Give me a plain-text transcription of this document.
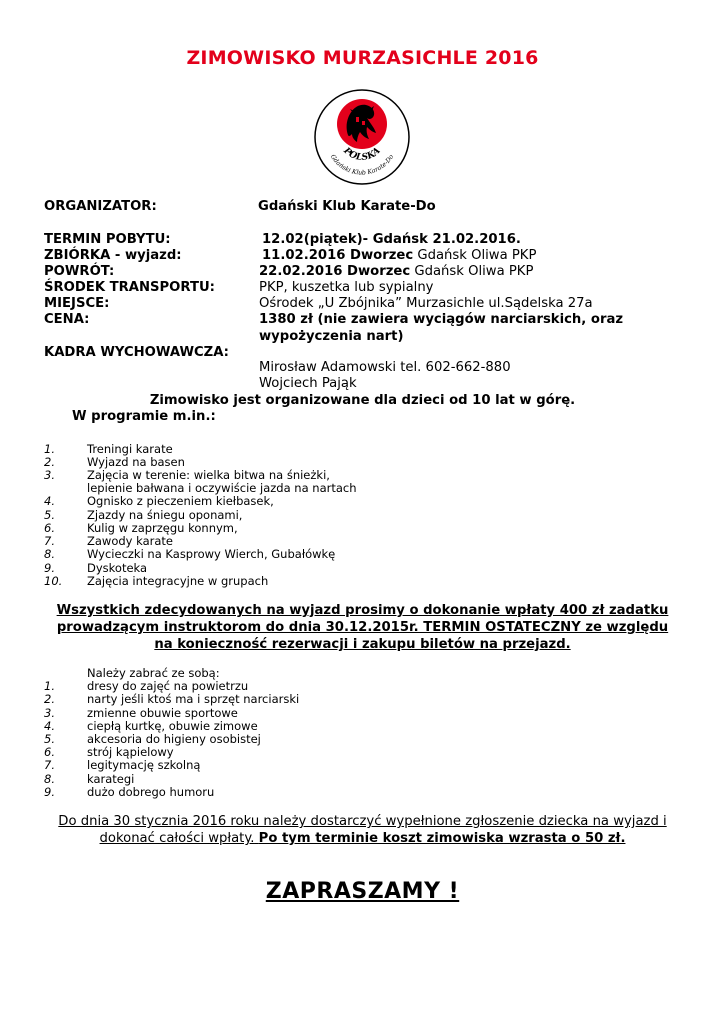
ZIMOWISKO MURZASICHLE 2016
POLSKA
Gdański Klub Karate-Do
ORGANIZATOR:	Gdański Klub Karate-Do
TERMIN POBYTU:	12.02(piątek)- Gdańsk 21.02.2016.
ZBIÓRKA - wyjazd:	11.02.2016 Dworzec Gdańsk Oliwa PKP
POWRÓT:	22.02.2016 Dworzec Gdańsk Oliwa PKP
ŚRODEK TRANSPORTU:	PKP, kuszetka lub sypialny
MIEJSCE:	Ośrodek „U Zbójnika” Murzasichle ul.Sądelska 27a
CENA:	1380 zł (nie zawiera wyciągów narciarskich, oraz
wypożyczenia nart)
KADRA WYCHOWAWCZA:
Mirosław Adamowski tel. 602-662-880
Wojciech Pająk
Zimowisko jest organizowane dla dzieci od 10 lat w górę.
W programie m.in.:
1.	Treningi karate
2.	Wyjazd na basen
3.	Zajęcia w terenie: wielka bitwa na śnieżki,
lepienie bałwana i oczywiście jazda na nartach
4.	Ognisko z pieczeniem kiełbasek,
5.	Zjazdy na śniegu oponami,
6.	Kulig w zaprzęgu konnym,
7.	Zawody karate
8.	Wycieczki na Kasprowy Wierch, Gubałówkę
9.	Dyskoteka
10.	Zajęcia integracyjne w grupach
Wszystkich zdecydowanych na wyjazd prosimy o dokonanie wpłaty 400 zł zadatku
prowadzącym instruktorom do dnia 30.12.2015r. TERMIN OSTATECZNY ze względu
na konieczność rezerwacji i zakupu biletów na przejazd.
Należy zabrać ze sobą:
1.	dresy do zajęć na powietrzu
2.	narty jeśli ktoś ma i sprzęt narciarski
3.	zmienne obuwie sportowe
4.	ciepłą kurtkę, obuwie zimowe
5.	akcesoria do higieny osobistej
6.	strój kąpielowy
7.	legitymację szkolną
8.	karategi
9.	dużo dobrego humoru
Do dnia 30 stycznia 2016 roku należy dostarczyć wypełnione zgłoszenie dziecka na wyjazd i
dokonać całości wpłaty. Po tym terminie koszt zimowiska wzrasta o 50 zł.
ZAPRASZAMY !
